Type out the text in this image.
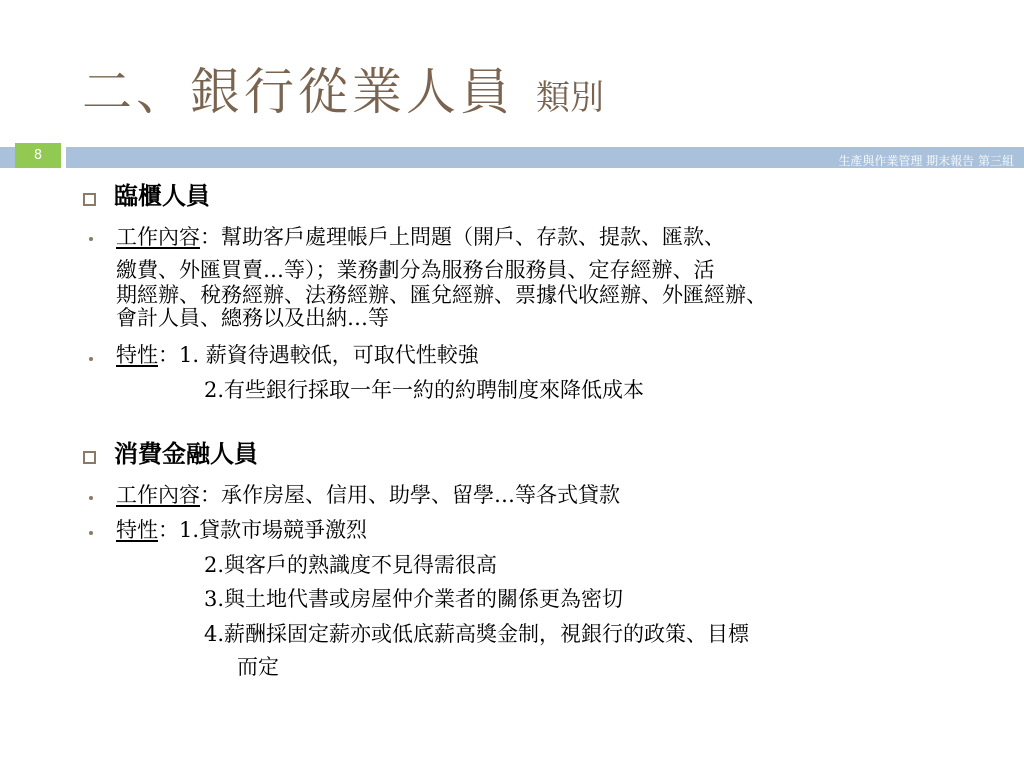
二、銀行從業人員 類別
8	生產與作業管理 期末報告 第三組
臨櫃人員
工作內容：幫助客戶處理帳戶上問題（開戶、存款、提款、匯款、
繳費、外匯買賣…等）；業務劃分為服務台服務員、定存經辦、活
期經辦、稅務經辦、法務經辦、匯兌經辦、票據代收經辦、外匯經辦、
會計人員、總務以及出納…等
特性：1. 薪資待遇較低，可取代性較強
2.有些銀行採取一年一約的約聘制度來降低成本
消費金融人員
工作內容：承作房屋、信用、助學、留學…等各式貸款
特性：1.貸款市場競爭激烈
2.與客戶的熟識度不見得需很高
3.與土地代書或房屋仲介業者的關係更為密切
4.薪酬採固定薪亦或低底薪高獎金制，視銀行的政策、目標
而定
